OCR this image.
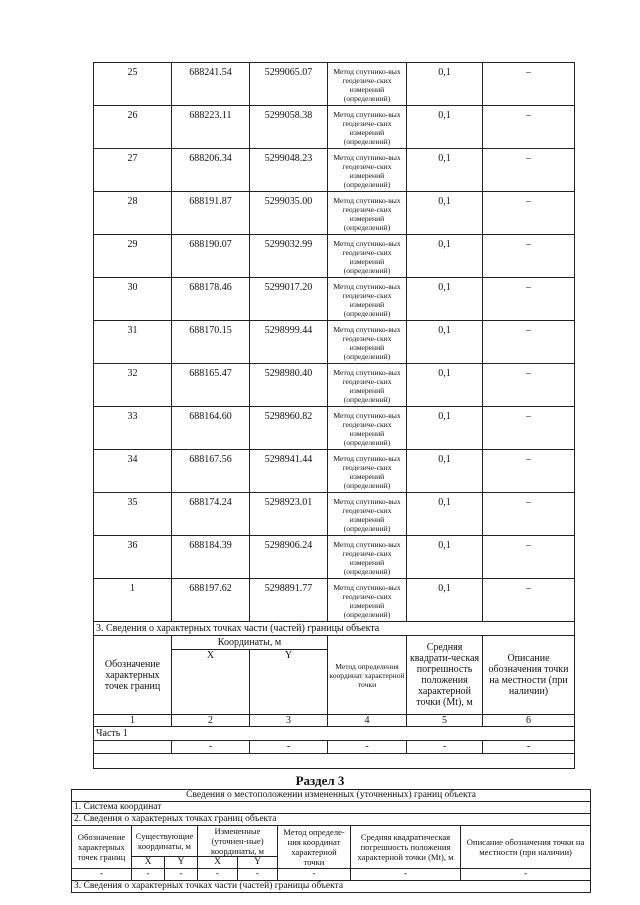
25	688241.54	5299065.07	Метод спутнико-вых
геодезиче-ских
измерений
(определений)	0,1	–
26	688223.11	5299058.38	Метод спутнико-вых
геодезиче-ских
измерений
(определений)	0,1	–
27	688206.34	5299048.23	Метод спутнико-вых
геодезиче-ских
измерений
(определений)	0,1	–
28	688191.87	5299035.00	Метод спутнико-вых
геодезиче-ских
измерений
(определений)	0,1	–
29	688190.07	5299032.99	Метод спутнико-вых
геодезиче-ских
измерений
(определений)	0,1	–
30	688178.46	5299017.20	Метод спутнико-вых
геодезиче-ских
измерений
(определений)	0,1	–
31	688170.15	5298999.44	Метод спутнико-вых
геодезиче-ских
измерений
(определений)	0,1	–
32	688165.47	5298980.40	Метод спутнико-вых
геодезиче-ских
измерений
(определений)	0,1	–
33	688164.60	5298960.82	Метод спутнико-вых
геодезиче-ских
измерений
(определений)	0,1	–
34	688167.56	5298941.44	Метод спутнико-вых
геодезиче-ских
измерений
(определений)	0,1	–
35	688174.24	5298923.01	Метод спутнико-вых
геодезиче-ских
измерений
(определений)	0,1	–
36	688184.39	5298906.24	Метод спутнико-вых
геодезиче-ских
измерений
(определений)	0,1	–
1	688197.62	5298891.77	Метод спутнико-вых
геодезиче-ских
измерений
(определений)	0,1	–
3. Сведения о характерных точках части (частей) границы объекта					
Обозначение характерных точек границ	Координаты, м		Метод определения координат характерной точки	Средняя квадрати-ческая погрешность положения характерной точки (Mt), м	Описание обозначения точки на местности (при наличии)
	X	Y			
1	2	3	4	5	6
Часть 1					
	-	-	-	-	-

Раздел 3
Сведения о местоположении измененных (уточненных) границ объекта							
1. Система координат							
2. Сведения о характерных точках границ объекта							
Обозначение характерных точек границ	Существующие координаты, м		Измененные (уточнен-ные) координаты, м		Метод определе-ния координат характерной точки	Средняя квадратическая погрешность положения характерной точки (Mt), м	Описание обозначения точки на местности (при наличии)
	X	Y	X	Y			
-	-	-	-	-	-	-	-
3. Сведения о характерных точках части (частей) границы объекта							
